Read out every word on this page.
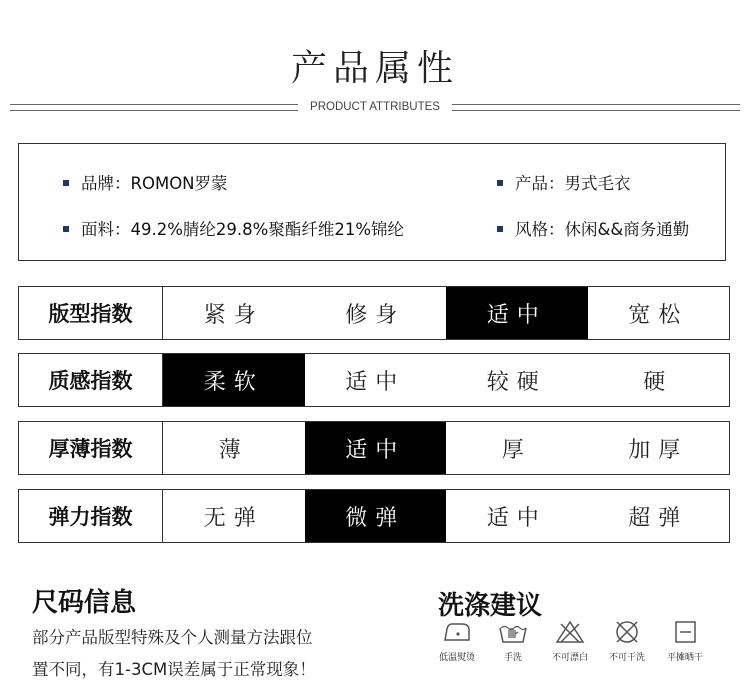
产品属性
PRODUCT ATTRIBUTES
品牌：ROMON罗蒙	产品：男式毛衣
面料：49.2%腈纶29.8%聚酯纤维21%锦纶	风格：休闲&&商务通勤
版型指数	紧身	修身	适中	宽松
质感指数	柔软	适中	较硬	硬
厚薄指数	薄	适中	厚	加厚
弹力指数	无弹	微弹	适中	超弹
尺码信息
部分产品版型特殊及个人测量方法跟位
置不同，有1-3CM误差属于正常现象！
洗涤建议
低温熨烫	手洗	不可漂白	不可干洗	平摊晒干
